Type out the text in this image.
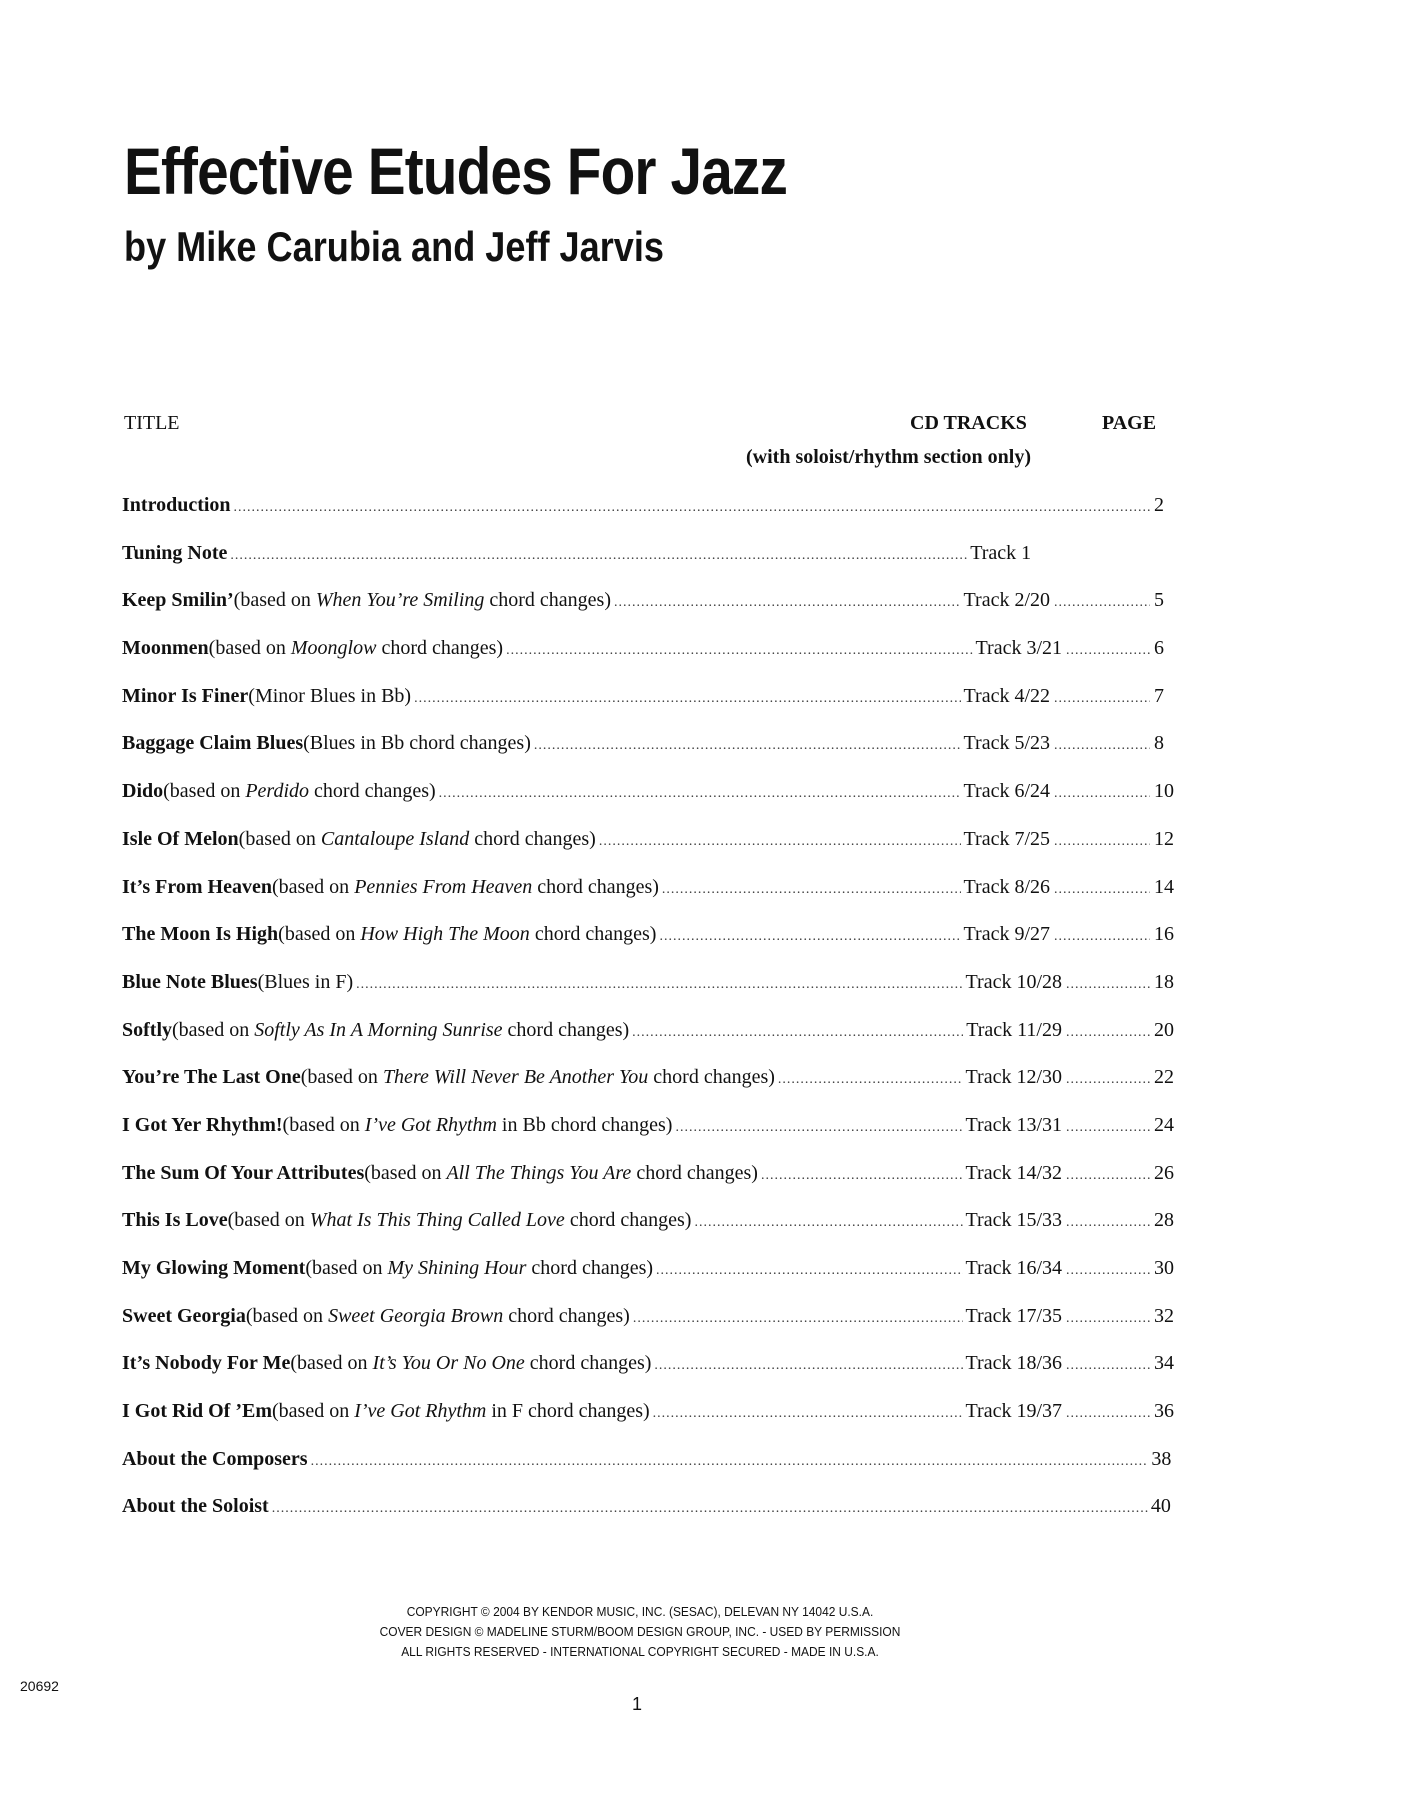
Effective Etudes For Jazz
by Mike Carubia and Jeff Jarvis
TITLE	CD TRACKS	PAGE
(with soloist/rhythm section only)
Introduction .....	2
Tuning Note .....	Track 1
Keep Smilin’ (based on When You’re Smiling chord changes) .....	Track 2/20 .....	5
Moonmen (based on Moonglow chord changes) .....	Track 3/21 .....	6
Minor Is Finer (Minor Blues in Bb) .....	Track 4/22 .....	7
Baggage Claim Blues (Blues in Bb chord changes) .....	Track 5/23 .....	8
Dido (based on Perdido chord changes) .....	Track 6/24 .....	10
Isle Of Melon (based on Cantaloupe Island chord changes) .....	Track 7/25 .....	12
It’s From Heaven (based on Pennies From Heaven chord changes) .....	Track 8/26 .....	14
The Moon Is High (based on How High The Moon chord changes) .....	Track 9/27 .....	16
Blue Note Blues (Blues in F) .....	Track 10/28 .....	18
Softly (based on Softly As In A Morning Sunrise chord changes) .....	Track 11/29 .....	20
You’re The Last One (based on There Will Never Be Another You chord changes) .....	Track 12/30 .....	22
I Got Yer Rhythm! (based on I’ve Got Rhythm in Bb chord changes) .....	Track 13/31 .....	24
The Sum Of Your Attributes (based on All The Things You Are chord changes) .....	Track 14/32 .....	26
This Is Love (based on What Is This Thing Called Love chord changes) .....	Track 15/33 .....	28
My Glowing Moment (based on My Shining Hour chord changes) .....	Track 16/34 .....	30
Sweet Georgia (based on Sweet Georgia Brown chord changes) .....	Track 17/35 .....	32
It’s Nobody For Me (based on It’s You Or No One chord changes) .....	Track 18/36 .....	34
I Got Rid Of ’Em (based on I’ve Got Rhythm in F chord changes) .....	Track 19/37 .....	36
About the Composers .....	38
About the Soloist .....	40
COPYRIGHT © 2004 BY KENDOR MUSIC, INC. (SESAC), DELEVAN NY 14042 U.S.A.
COVER DESIGN © MADELINE STURM/BOOM DESIGN GROUP, INC. - USED BY PERMISSION
ALL RIGHTS RESERVED - INTERNATIONAL COPYRIGHT SECURED - MADE IN U.S.A.
20692
1
